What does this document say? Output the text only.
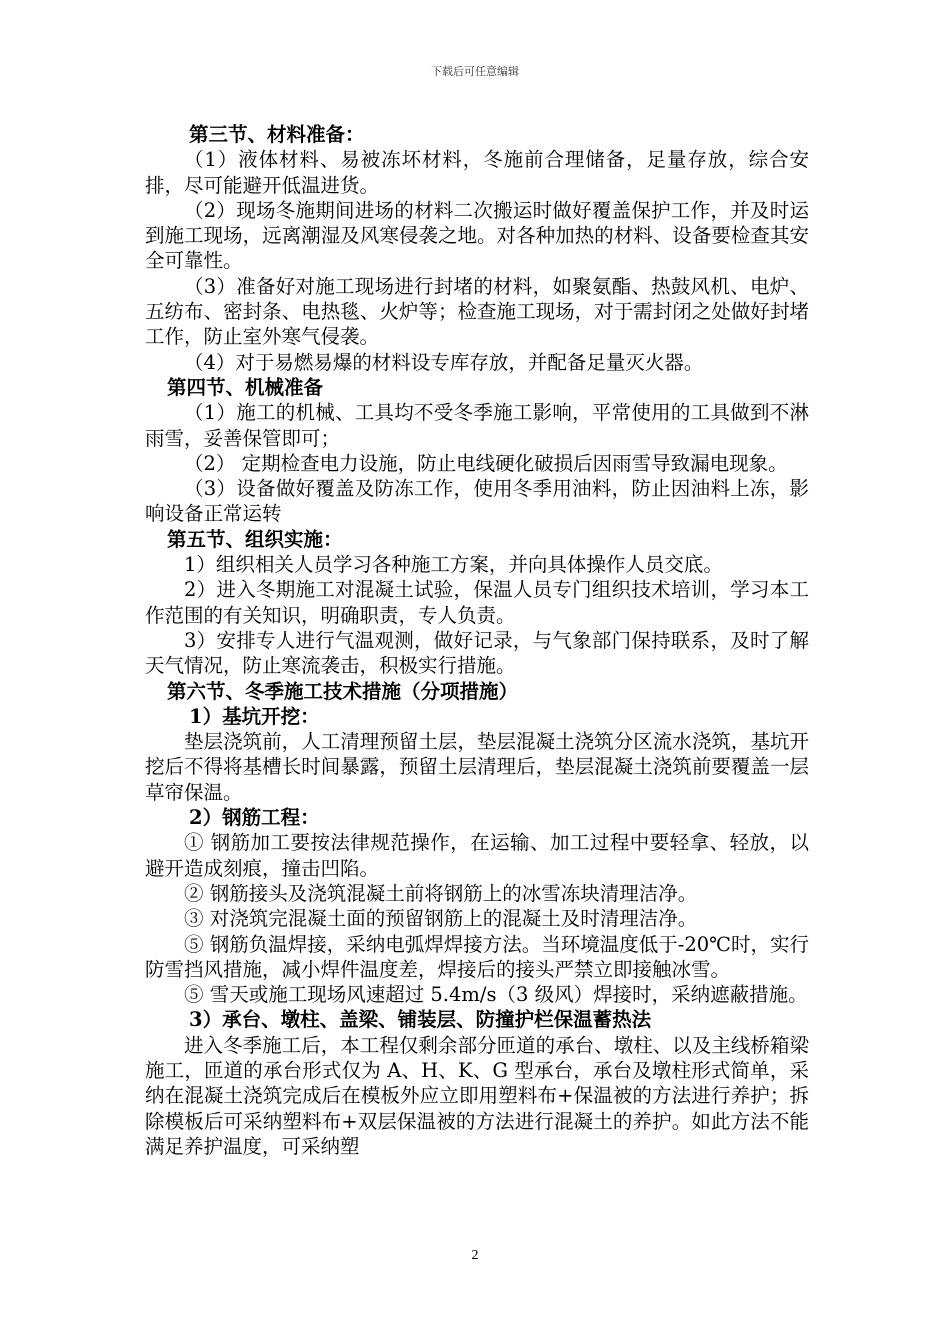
下载后可任意编辑

第三节、材料准备：

（1）液体材料、易被冻坏材料，冬施前合理储备，足量存放，综合安排，尽可能避开低温进货。

（2）现场冬施期间进场的材料二次搬运时做好覆盖保护工作，并及时运到施工现场，远离潮湿及风寒侵袭之地。对各种加热的材料、设备要检查其安全可靠性。

（3）准备好对施工现场进行封堵的材料，如聚氨酯、热鼓风机、电炉、五纺布、密封条、电热毯、火炉等；检查施工现场，对于需封闭之处做好封堵工作，防止室外寒气侵袭。

（4）对于易燃易爆的材料设专库存放，并配备足量灭火器。

第四节、机械准备

（1）施工的机械、工具均不受冬季施工影响，平常使用的工具做到不淋雨雪，妥善保管即可；

（2） 定期检查电力设施，防止电线硬化破损后因雨雪导致漏电现象。

（3）设备做好覆盖及防冻工作，使用冬季用油料，防止因油料上冻，影响设备正常运转

第五节、组织实施：

1）组织相关人员学习各种施工方案，并向具体操作人员交底。

2）进入冬期施工对混凝土试验，保温人员专门组织技术培训，学习本工作范围的有关知识，明确职责，专人负责。

3）安排专人进行气温观测，做好记录，与气象部门保持联系，及时了解天气情况，防止寒流袭击，积极实行措施。

第六节、冬季施工技术措施（分项措施）

1）基坑开挖：

垫层浇筑前，人工清理预留土层，垫层混凝土浇筑分区流水浇筑，基坑开挖后不得将基槽长时间暴露，预留土层清理后，垫层混凝土浇筑前要覆盖一层草帘保温。

2）钢筋工程：

① 钢筋加工要按法律规范操作，在运输、加工过程中要轻拿、轻放，以避开造成刻痕，撞击凹陷。

② 钢筋接头及浇筑混凝土前将钢筋上的冰雪冻块清理洁净。

③ 对浇筑完混凝土面的预留钢筋上的混凝土及时清理洁净。

⑤ 钢筋负温焊接，采纳电弧焊焊接方法。当环境温度低于-20℃时，实行防雪挡风措施，减小焊件温度差，焊接后的接头严禁立即接触冰雪。

⑤ 雪天或施工现场风速超过 5.4m/s（3 级风）焊接时，采纳遮蔽措施。

3）承台、墩柱、盖梁、铺装层、防撞护栏保温蓄热法

进入冬季施工后，本工程仅剩余部分匝道的承台、墩柱、以及主线桥箱梁施工，匝道的承台形式仅为 A、H、K、G 型承台，承台及墩柱形式简单，采纳在混凝土浇筑完成后在模板外应立即用塑料布+保温被的方法进行养护；拆除模板后可采纳塑料布+双层保温被的方法进行混凝土的养护。如此方法不能满足养护温度，可采纳塑

2
